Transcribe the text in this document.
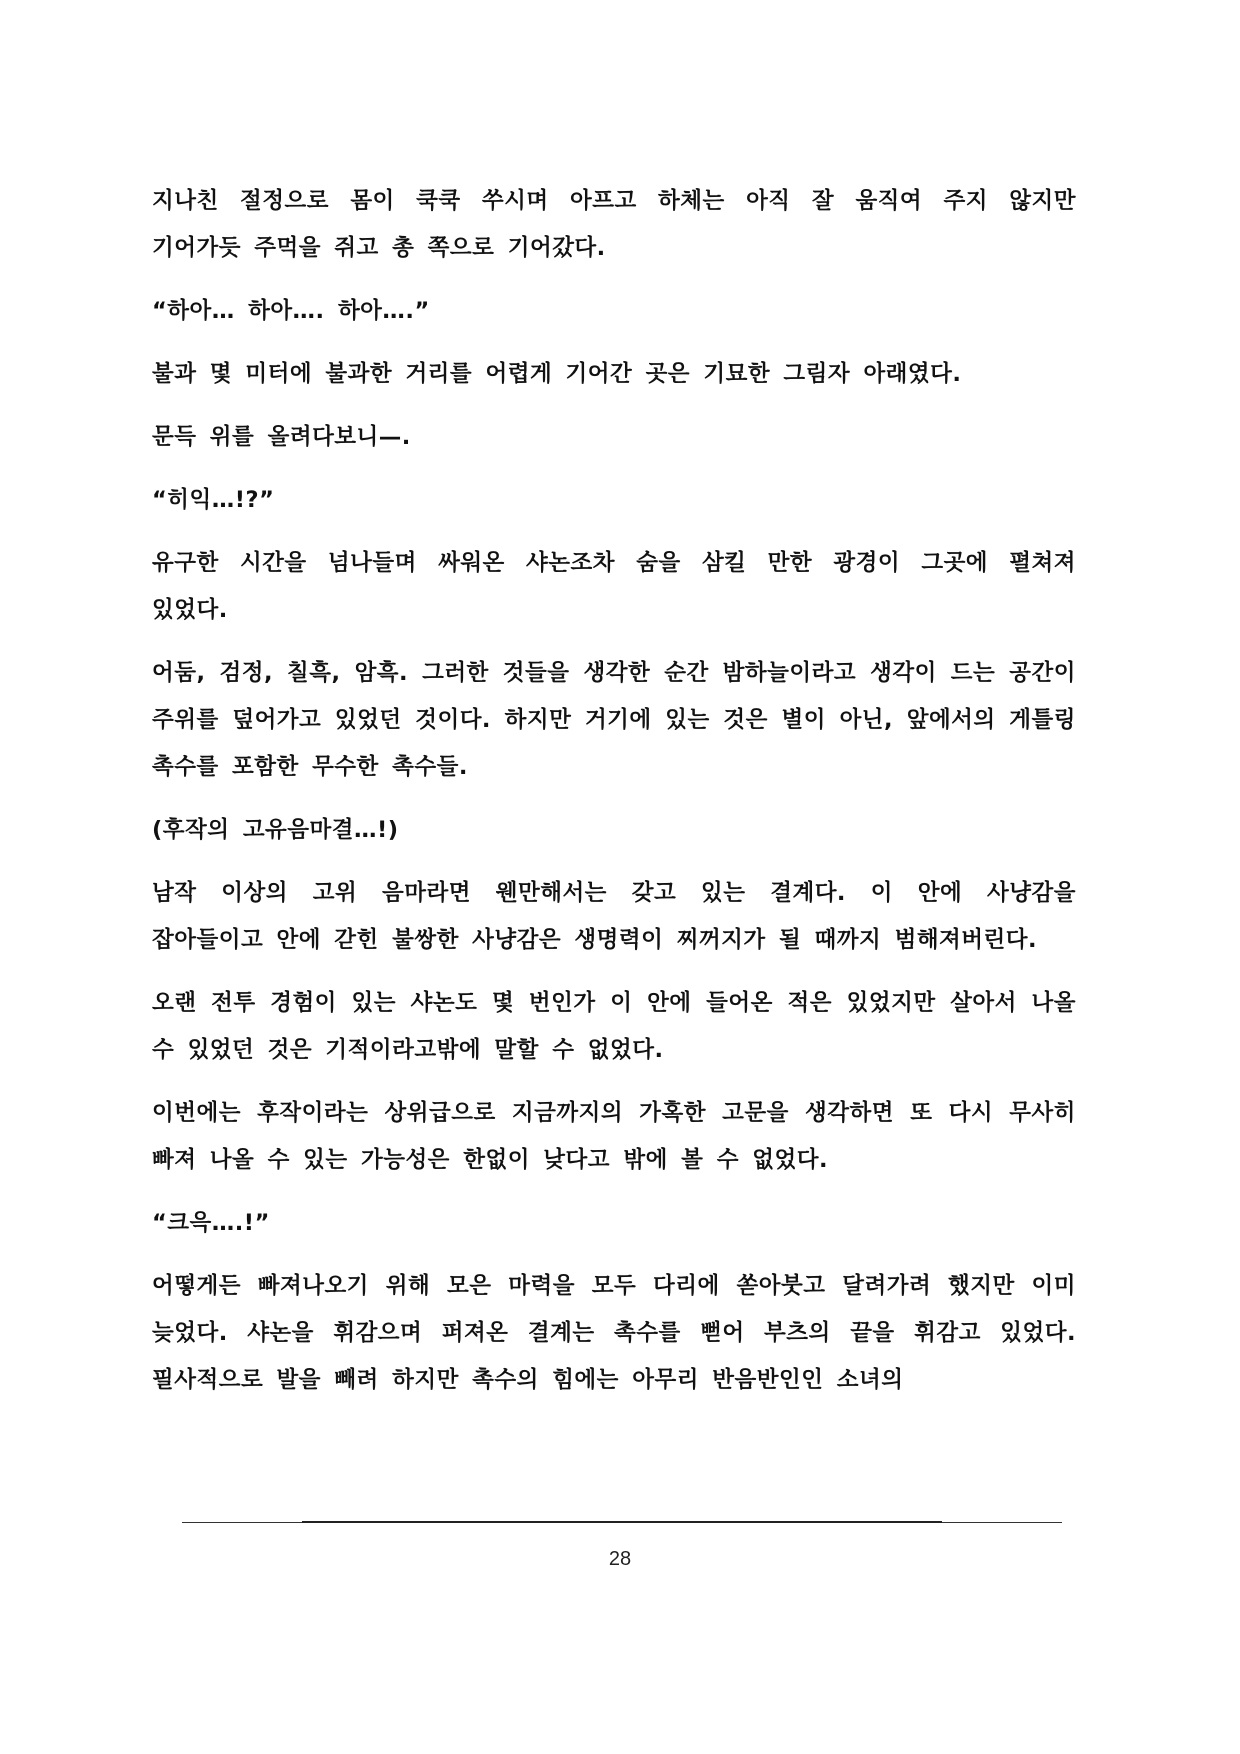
지나친 절정으로 몸이 쿡쿡 쑤시며 아프고 하체는 아직 잘 움직여 주지 않지만 기어가듯 주먹을 쥐고 총 쪽으로 기어갔다.

“하아… 하아…. 하아….”

불과 몇 미터에 불과한 거리를 어렵게 기어간 곳은 기묘한 그림자 아래였다.

문득 위를 올려다보니—.

“히익…!?”

유구한 시간을 넘나들며 싸워온 샤논조차 숨을 삼킬 만한 광경이 그곳에 펼쳐져 있었다.

어둠, 검정, 칠흑, 암흑. 그러한 것들을 생각한 순간 밤하늘이라고 생각이 드는 공간이 주위를 덮어가고 있었던 것이다. 하지만 거기에 있는 것은 별이 아닌, 앞에서의 게틀링 촉수를 포함한 무수한 촉수들.

(후작의 고유음마결…!)

남작 이상의 고위 음마라면 웬만해서는 갖고 있는 결계다. 이 안에 사냥감을 잡아들이고 안에 갇힌 불쌍한 사냥감은 생명력이 찌꺼지가 될 때까지 범해져버린다.

오랜 전투 경험이 있는 샤논도 몇 번인가 이 안에 들어온 적은 있었지만 살아서 나올 수 있었던 것은 기적이라고밖에 말할 수 없었다.

이번에는 후작이라는 상위급으로 지금까지의 가혹한 고문을 생각하면 또 다시 무사히 빠져 나올 수 있는 가능성은 한없이 낮다고 밖에 볼 수 없었다.

“크윽….!”

어떻게든 빠져나오기 위해 모은 마력을 모두 다리에 쏟아붓고 달려가려 했지만 이미 늦었다. 샤논을 휘감으며 퍼져온 결계는 촉수를 뻗어 부츠의 끝을 휘감고 있었다. 필사적으로 발을 빼려 하지만 촉수의 힘에는 아무리 반음반인인 소녀의

28
